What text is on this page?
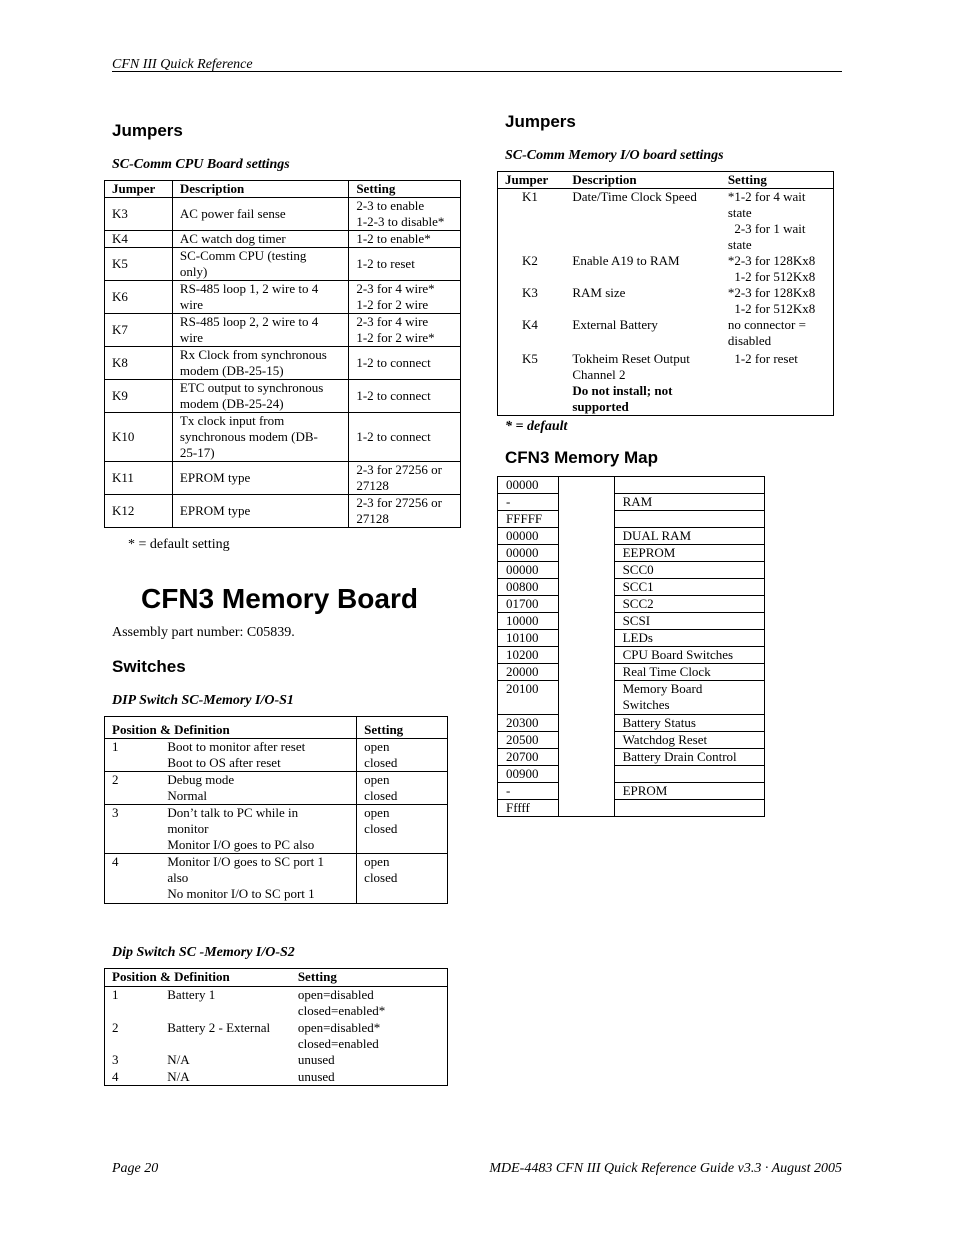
CFN III Quick Reference
Page 20	MDE-4483 CFN III Quick Reference Guide v3.3 · August 2005
Jumpers
SC-Comm CPU Board settings
Jumper	Description	Setting
K3	AC power fail sense	2-3 to enable
1-2-3 to disable*
K4	AC watch dog timer	1-2 to enable*
K5	SC-Comm CPU (testing
only)	1-2 to reset
K6	RS-485 loop 1, 2 wire to 4
wire	2-3 for 4 wire*
1-2 for 2 wire
K7	RS-485 loop 2, 2 wire to 4
wire	2-3 for 4 wire
1-2 for 2 wire*
K8	Rx Clock from synchronous
modem (DB-25-15)	1-2 to connect
K9	ETC output to synchronous
modem (DB-25-24)	1-2 to connect
K10	Tx clock input from
synchronous modem (DB-
25-17)	1-2 to connect
K11	EPROM type	2-3 for 27256 or
27128
K12	EPROM type	2-3 for 27256 or
27128
* = default setting
CFN3 Memory Board
Assembly part number: C05839.
Switches
DIP Switch SC-Memory I/O-S1
Position & Definition		Setting
1	Boot to monitor after reset
Boot to OS after reset	open
closed
2	Debug mode
Normal	open
closed
3	Don’t talk to PC while in
monitor
Monitor I/O goes to PC also	open
closed
4	Monitor I/O goes to SC port 1
also
No monitor I/O to SC port 1	open
closed
Dip Switch SC -Memory I/O-S2
Position & Definition		Setting
1	Battery 1	open=disabled
closed=enabled*
2	Battery 2 - External	open=disabled*
closed=enabled
3	N/A	unused
4	N/A	unused
Jumpers
SC-Comm Memory I/O board settings
Jumper	Description	Setting
K1	Date/Time Clock Speed	*1-2 for 4 wait
state
2-3 for 1 wait
state
K2	Enable A19 to RAM	*2-3 for 128Kx8
1-2 for 512Kx8
K3	RAM size	*2-3 for 128Kx8
1-2 for 512Kx8
K4	External Battery	no connector =
disabled
K5	Tokheim Reset Output
Channel 2
Do not install; not
supported	1-2 for reset
* = default
CFN3 Memory Map
00000		
-		RAM
FFFFF		
00000		DUAL RAM
00000		EEPROM
00000		SCC0
00800		SCC1
01700		SCC2
10000		SCSI
10100		LEDs
10200		CPU Board Switches
20000		Real Time Clock
20100		Memory Board
Switches
20300		Battery Status
20500		Watchdog Reset
20700		Battery Drain Control
00900		
-		EPROM
Fffff		
